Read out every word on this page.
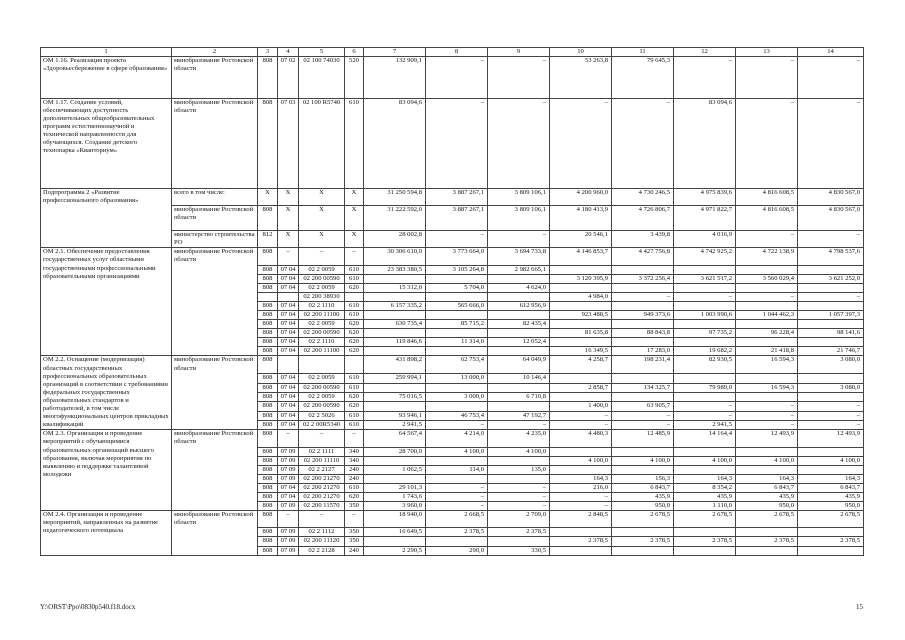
1	2	3	4	5	6	7	8	9	10	11	12	13	14
ОМ 1.16. Реализация проекта «Здоровьесбережение в сфере образования»	минобразование Ростовской области	808	07 02	02 100 74030	520	132 909,1	–	–	53 263,8	79 645,3	–	–	–
ОМ 1.17. Создание условий, обеспечивающих доступность дополнительных общеобразовательных программ естественнонаучной и технической направленности для обучающихся. Создание детского технопарка «Кванториум»	минобразование Ростовской области	808	07 03	02 100 R5740	610	83 094,6	–	–	–	–	83 094,6	–	–
Подпрограмма 2 «Развитие профессионального образования»	всего в том числе:	X	X	X	X	31 250 594,8	3 887 267,1	3 809 106,1	4 200 960,0	4 730 246,5	4 975 839,6	4 816 608,5	4 830 567,0
	минобразование Ростовской области	808	X	X	X	31 222 592,0	3 887 267,1	3 809 106,1	4 180 413,9	4 726 806,7	4 971 822,7	4 816 608,5	4 830 567,0
	министерство строительства РО	812	X	X	X	28 002,8	–	–	20 546,1	3 439,8	4 016,9	–	–
ОМ 2.1. Обеспечение предоставления государственных услуг областными государственными профессиональными образовательными организациями	минобразование Ростовской области	808	–	–	–	30 306 610,0	3 773 664,0	3 694 733,8	4 146 853,7	4 427 756,8	4 742 925,2	4 722 138,9	4 798 537,6
		808	07 04	02 2 0059	610	23 383 380,5	3 105 264,8	2 982 665,1					
		808	07 04	02 200 00590	610				3 120 395,9	3 372 256,4	3 621 517,2	3 560 029,4	3 621 252,0
		808	07 04	02 2 0059	620	15 312,0	5 704,0	4 624,0					
				02 200 38930					4 984,0	–	–	–	–
		808	07 04	02 2 1110	610	6 157 335,2	565 666,0	612 956,9					
		808	07 04	02 200 11100	610				923 488,5	949 373,6	1 003 990,6	1 044 462,3	1 057 397,3
		808	07 04	02 2 0059	620	630 735,4	85 715,2	82 435,4					
		808	07 04	02 200 00590	620				81 635,8	88 843,8	97 735,2	96 228,4	98 141,6
		808	07 04	02 2 1110	620	119 846,6	11 314,0	12 052,4					
		808	07 04	02 200 11100	620				16 349,5	17 283,0	19 682,2	21 418,8	21 746,7
ОМ 2.2. Оснащение (модернизация) областных государственных профессиональных образовательных организаций в соответствии с требованиями федеральных государственных образовательных стандартов и работодателей, в том числе многофункциональных центров прикладных квалификаций	минобразование Ростовской области	808				431 898,2	62 753,4	64 049,9	4 258,7	198 231,4	82 930,5	16 594,3	3 080,0
		808	07 04	02 2 0059	610	259 994,1	13 000,0	10 146,4					
		808	07 04	02 200 00590	610				2 858,7	134 325,7	79 989,0	16 594,3	3 080,0
		808	07 04	02 2 0059	620	75 016,5	3 000,0	6 710,8					
		808	07 04	02 200 00590	620				1 400,0	63 905,7	–	–	–
		808	07 04	02 2 5026	610	93 946,1	46 753,4	47 192,7	–	–	–	–	–
		808	07 04	02 2 00R5340	610	2 941,5	–	–	–	–	2 941,5	–	–
ОМ 2.3. Организация и проведение мероприятий с обучающимися образовательных организаций высшего образования, включая мероприятия по выявлению и поддержке талантливой молодежи	минобразование Ростовской области	808	–	–	–	64 567,4	4 214,0	4 235,0	4 480,3	12 485,9	14 164,4	12 493,9	12 493,9
		808	07 09	02 2 1111	340	28 700,0	4 100,0	4 100,0					
		808	07 09	02 200 11110	340				4 100,0	4 100,0	4 100,0	4 100,0	4 100,0
		808	07 09	02 2 2127	240	1 062,5	114,0	135,0					
		808	07 09	02 200 21270	240				164,3	156,3	164,3	164,3	164,3
		808	07 04	02 200 21270	610	29 101,3	–	–	216,0	6 843,7	8 354,2	6 843,7	6 843,7
		808	07 04	02 200 21270	620	1 743,6	–	–	–	435,9	435,9	435,9	435,9
		808	07 09	02 200 11570	350	3 960,0	–	–	–	950,0	1 110,0	950,0	950,0
ОМ 2.4. Организация и проведение мероприятий, направленных на развитие педагогического потенциала	минобразование Ростовской области	808	–	–	–	18 940,0	2 668,5	2 709,0	2 848,5	2 678,5	2 678,5	2 678,5	2 678,5
		808	07 09	02 2 1112	350	16 649,5	2 378,5	2 378,5					
		808	07 09	02 200 11120	350				2 378,5	2 378,5	2 378,5	2 378,5	2 378,5
		808	07 09	02 2 2128	240	2 290,5	290,0	330,5					
Y:\ORST\Ppo\0830p540.f18.docx	15
